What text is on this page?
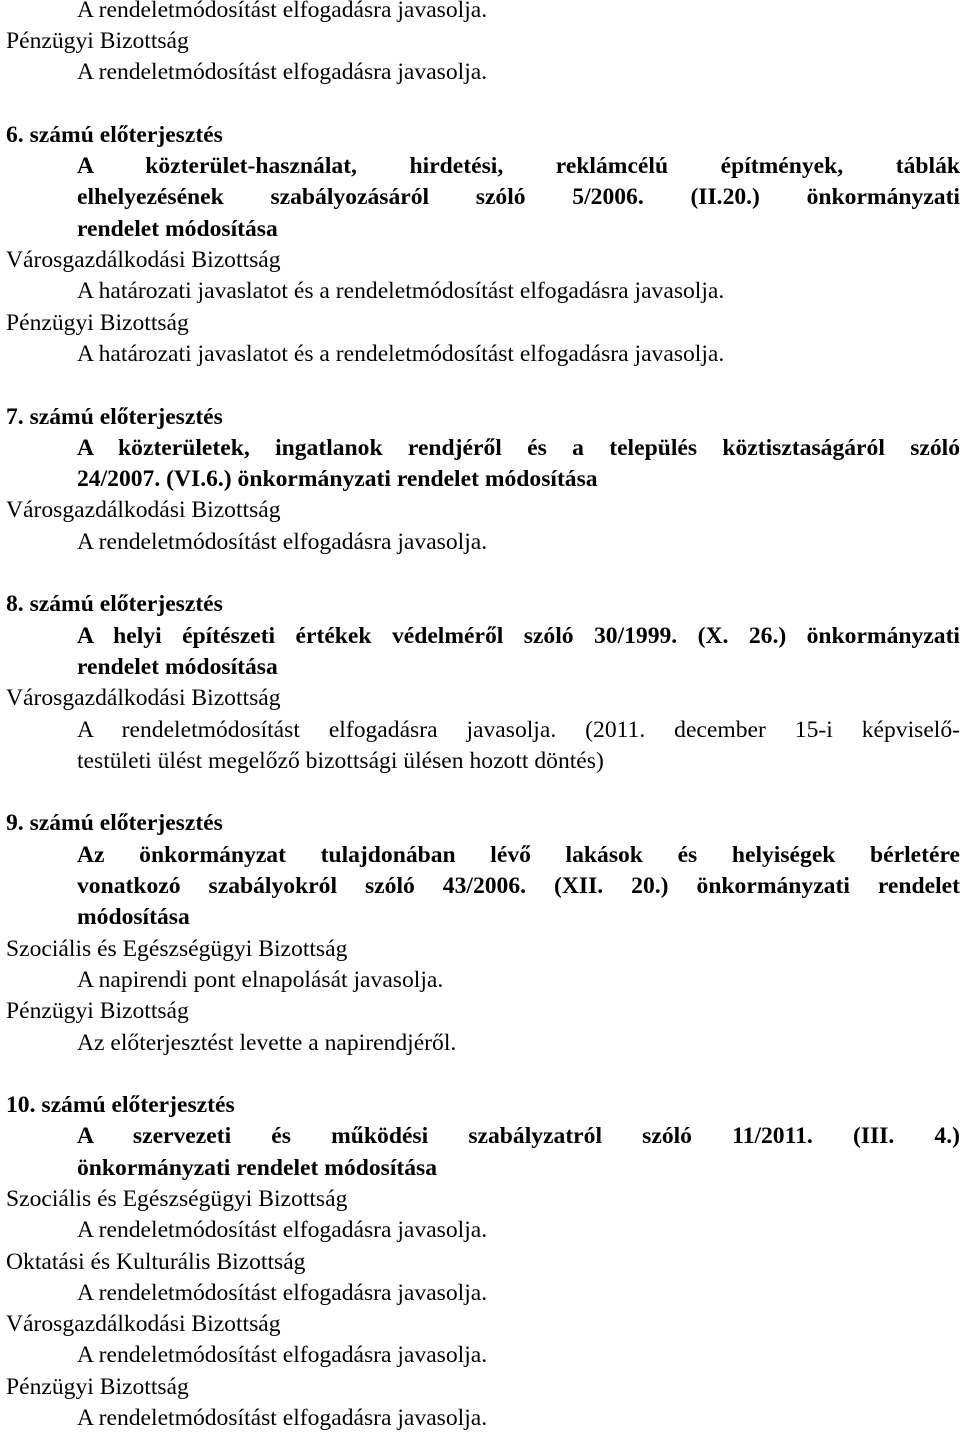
A rendeletmódosítást elfogadásra javasolja.
Pénzügyi Bizottság
A rendeletmódosítást elfogadásra javasolja.
6. számú előterjesztés
A közterület-használat, hirdetési, reklámcélú építmények, táblák
elhelyezésének szabályozásáról szóló 5/2006. (II.20.) önkormányzati
rendelet módosítása
Városgazdálkodási Bizottság
A határozati javaslatot és a rendeletmódosítást elfogadásra javasolja.
Pénzügyi Bizottság
A határozati javaslatot és a rendeletmódosítást elfogadásra javasolja.
7. számú előterjesztés
A közterületek, ingatlanok rendjéről és a település köztisztaságáról szóló
24/2007. (VI.6.) önkormányzati rendelet módosítása
Városgazdálkodási Bizottság
A rendeletmódosítást elfogadásra javasolja.
8. számú előterjesztés
A helyi építészeti értékek védelméről szóló 30/1999. (X. 26.) önkormányzati
rendelet módosítása
Városgazdálkodási Bizottság
A rendeletmódosítást elfogadásra javasolja. (2011. december 15-i képviselő-
testületi ülést megelőző bizottsági ülésen hozott döntés)
9. számú előterjesztés
Az önkormányzat tulajdonában lévő lakások és helyiségek bérletére
vonatkozó szabályokról szóló 43/2006. (XII. 20.) önkormányzati rendelet
módosítása
Szociális és Egészségügyi Bizottság
A napirendi pont elnapolását javasolja.
Pénzügyi Bizottság
Az előterjesztést levette a napirendjéről.
10. számú előterjesztés
A szervezeti és működési szabályzatról szóló 11/2011. (III. 4.)
önkormányzati rendelet módosítása
Szociális és Egészségügyi Bizottság
A rendeletmódosítást elfogadásra javasolja.
Oktatási és Kulturális Bizottság
A rendeletmódosítást elfogadásra javasolja.
Városgazdálkodási Bizottság
A rendeletmódosítást elfogadásra javasolja.
Pénzügyi Bizottság
A rendeletmódosítást elfogadásra javasolja.
